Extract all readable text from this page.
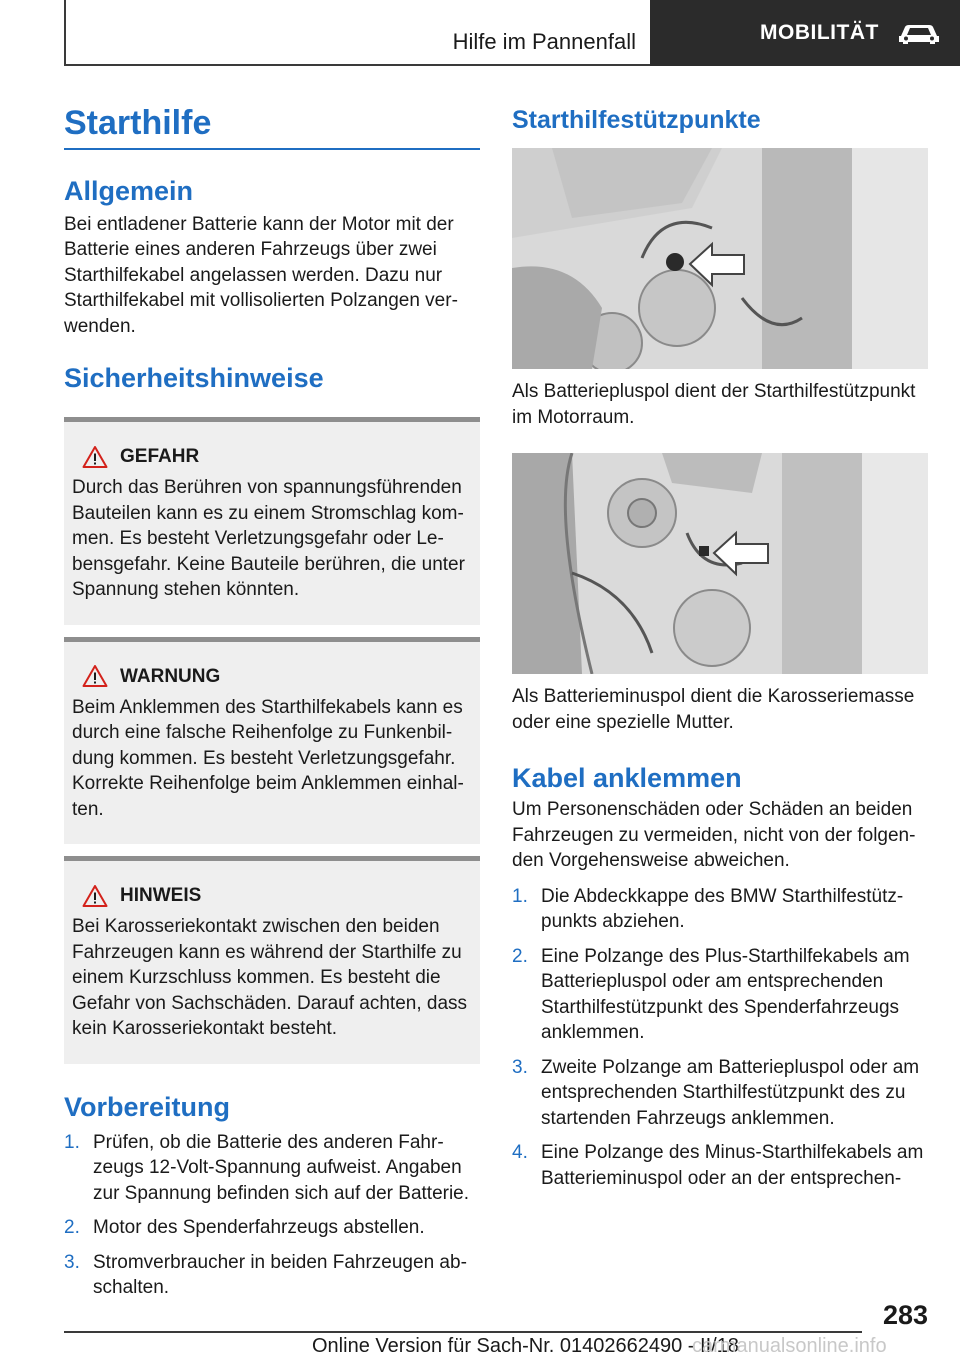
Hilfe im Pannenfall	MOBILITÄT
Starthilfe
Allgemein

Bei entladener Batterie kann der Motor mit der Batterie eines anderen Fahrzeugs über zwei Starthilfekabel angelassen werden. Dazu nur Starthilfekabel mit vollisolierten Polzangen verwenden.

Sicherheitshinweise
GEFAHR

Durch das Berühren von spannungsführenden Bauteilen kann es zu einem Stromschlag kommen. Es besteht Verletzungsgefahr oder Lebensgefahr. Keine Bauteile berühren, die unter Spannung stehen könnten.

WARNUNG

Beim Anklemmen des Starthilfekabels kann es durch eine falsche Reihenfolge zu Funkenbildung kommen. Es besteht Verletzungsgefahr. Korrekte Reihenfolge beim Anklemmen einhalten.

HINWEIS

Bei Karosseriekontakt zwischen den beiden Fahrzeugen kann es während der Starthilfe zu einem Kurzschluss kommen. Es besteht die Gefahr von Sachschäden. Darauf achten, dass kein Karosseriekontakt besteht.

Vorbereitung
1. Prüfen, ob die Batterie des anderen Fahrzeugs 12-Volt-Spannung aufweist. Angaben zur Spannung befinden sich auf der Batterie.
2. Motor des Spenderfahrzeugs abstellen.
3. Stromverbraucher in beiden Fahrzeugen abschalten.
Starthilfestützpunkte

Als Batteriepluspol dient der Starthilfestützpunkt im Motorraum.

Als Batterieminuspol dient die Karosseriemasse oder eine spezielle Mutter.

Kabel anklemmen

Um Personenschäden oder Schäden an beiden Fahrzeugen zu vermeiden, nicht von der folgenden Vorgehensweise abweichen.

1. Die Abdeckkappe des BMW Starthilfestützpunkts abziehen.
2. Eine Polzange des Plus-Starthilfekabels am Batteriepluspol oder am entsprechenden Starthilfestützpunkt des Spenderfahrzeugs anklemmen.
3. Zweite Polzange am Batteriepluspol oder am entsprechenden Starthilfestützpunkt des zu startenden Fahrzeugs anklemmen.
4. Eine Polzange des Minus-Starthilfekabels am Batterieminuspol oder an der entsprechen-
283
Online Version für Sach-Nr. 01402662490 - II/18
carmanualsonline.info
